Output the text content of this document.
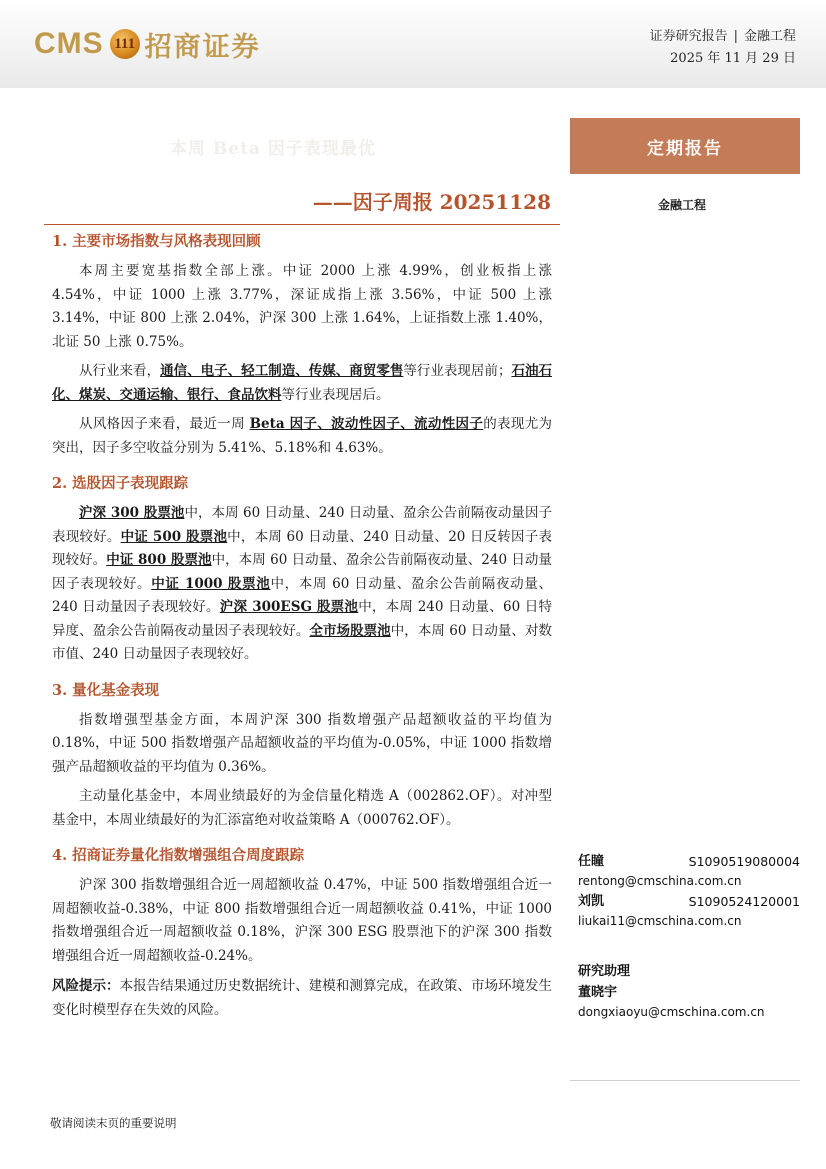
CMS 111 招商证券	证券研究报告 | 金融工程
2025 年 11 月 29 日
定期报告
金融工程
任瞳	S1090519080004
rentong@cmschina.com.cn
刘凯	S1090524120001
liukai11@cmschina.com.cn
研究助理
董晓宇
dongxiaoyu@cmschina.com.cn
本周 Beta 因子表现最优
——因子周报 20251128
1. 主要市场指数与风格表现回顾

本周主要宽基指数全部上涨。中证 2000 上涨 4.99%，创业板指上涨 4.54%，中证 1000 上涨 3.77%，深证成指上涨 3.56%，中证 500 上涨 3.14%，中证 800 上涨 2.04%，沪深 300 上涨 1.64%，上证指数上涨 1.40%，北证 50 上涨 0.75%。

从行业来看，通信、电子、轻工制造、传媒、商贸零售等行业表现居前；石油石化、煤炭、交通运输、银行、食品饮料等行业表现居后。

从风格因子来看，最近一周 Beta 因子、波动性因子、流动性因子的表现尤为突出，因子多空收益分别为 5.41%、5.18%和 4.63%。

2. 选股因子表现跟踪

沪深 300 股票池中，本周 60 日动量、240 日动量、盈余公告前隔夜动量因子表现较好。中证 500 股票池中，本周 60 日动量、240 日动量、20 日反转因子表现较好。中证 800 股票池中，本周 60 日动量、盈余公告前隔夜动量、240 日动量因子表现较好。中证 1000 股票池中，本周 60 日动量、盈余公告前隔夜动量、240 日动量因子表现较好。沪深 300ESG 股票池中，本周 240 日动量、60 日特异度、盈余公告前隔夜动量因子表现较好。全市场股票池中，本周 60 日动量、对数市值、240 日动量因子表现较好。

3. 量化基金表现

指数增强型基金方面，本周沪深 300 指数增强产品超额收益的平均值为 0.18%，中证 500 指数增强产品超额收益的平均值为-0.05%，中证 1000 指数增强产品超额收益的平均值为 0.36%。

主动量化基金中，本周业绩最好的为金信量化精选 A（002862.OF）。对冲型基金中，本周业绩最好的为汇添富绝对收益策略 A（000762.OF）。

4. 招商证券量化指数增强组合周度跟踪

沪深 300 指数增强组合近一周超额收益 0.47%，中证 500 指数增强组合近一周超额收益-0.38%，中证 800 指数增强组合近一周超额收益 0.41%，中证 1000 指数增强组合近一周超额收益 0.18%，沪深 300 ESG 股票池下的沪深 300 指数增强组合近一周超额收益-0.24%。

风险提示：本报告结果通过历史数据统计、建模和测算完成，在政策、市场环境发生变化时模型存在失效的风险。

敬请阅读末页的重要说明
